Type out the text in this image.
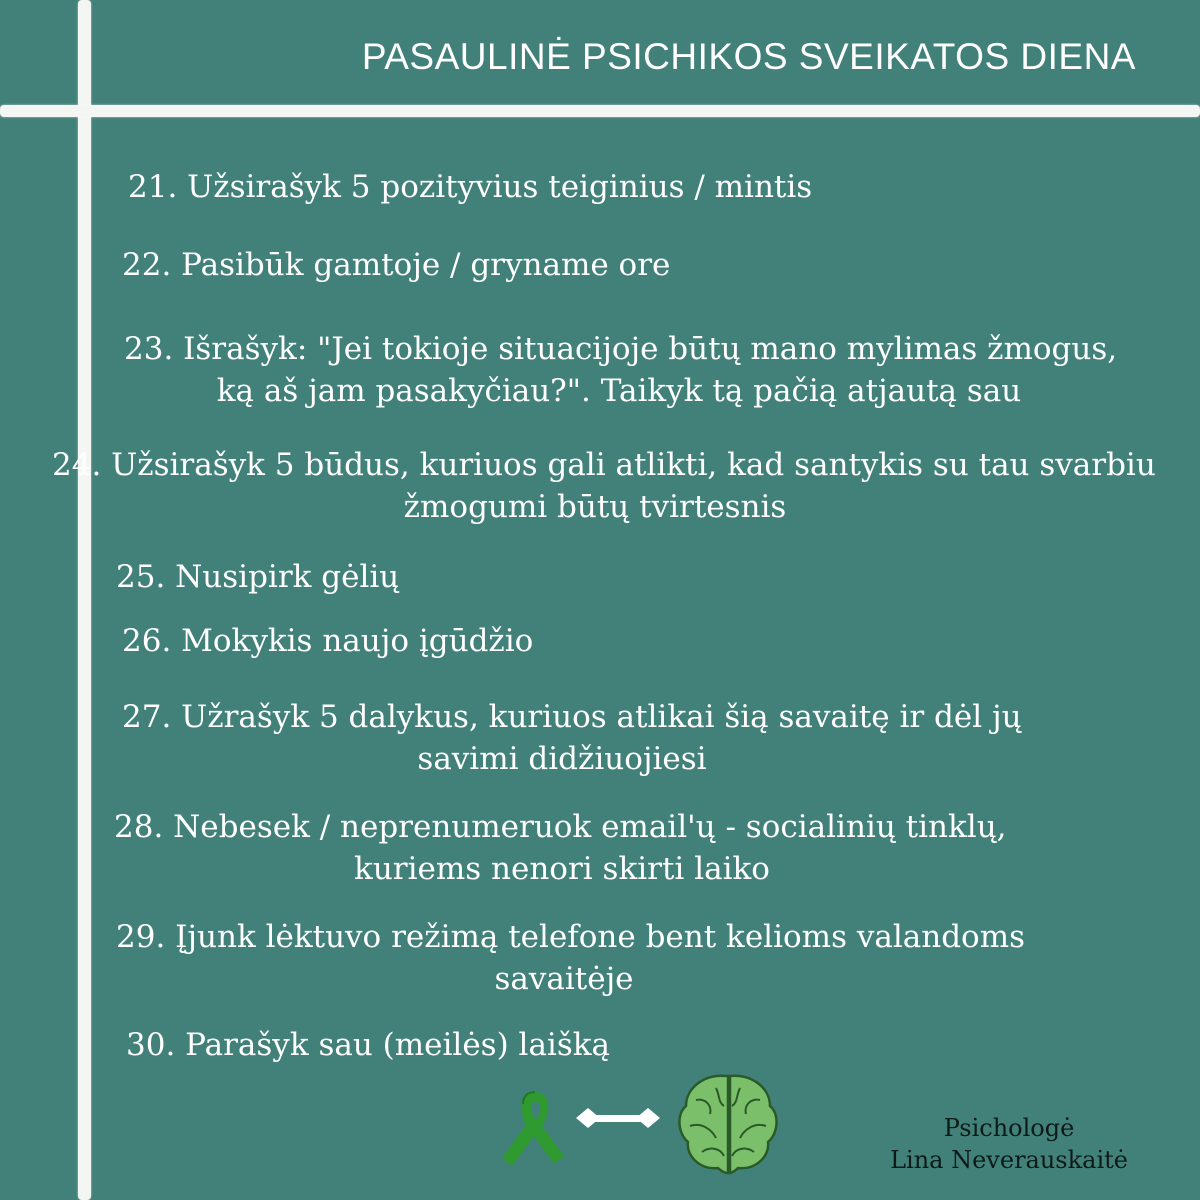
PASAULINĖ PSICHIKOS SVEIKATOS DIENA
21. Užsirašyk 5 pozityvius teiginius / mintis
22. Pasibūk gamtoje / gryname ore
23. Išrašyk: "Jei tokioje situacijoje būtų mano mylimas žmogus,
ką aš jam pasakyčiau?". Taikyk tą pačią atjautą sau
24. Užsirašyk 5 būdus, kuriuos gali atlikti, kad santykis su tau svarbiu
žmogumi būtų tvirtesnis
25. Nusipirk gėlių
26. Mokykis naujo įgūdžio
27. Užrašyk 5 dalykus, kuriuos atlikai šią savaitę ir dėl jų
savimi didžiuojiesi
28. Nebesek / neprenumeruok email'ų - socialinių tinklų,
kuriems nenori skirti laiko
29. Įjunk lėktuvo režimą telefone bent kelioms valandoms
savaitėje
30. Parašyk sau (meilės) laišką
Psichologė
Lina Neverauskaitė
